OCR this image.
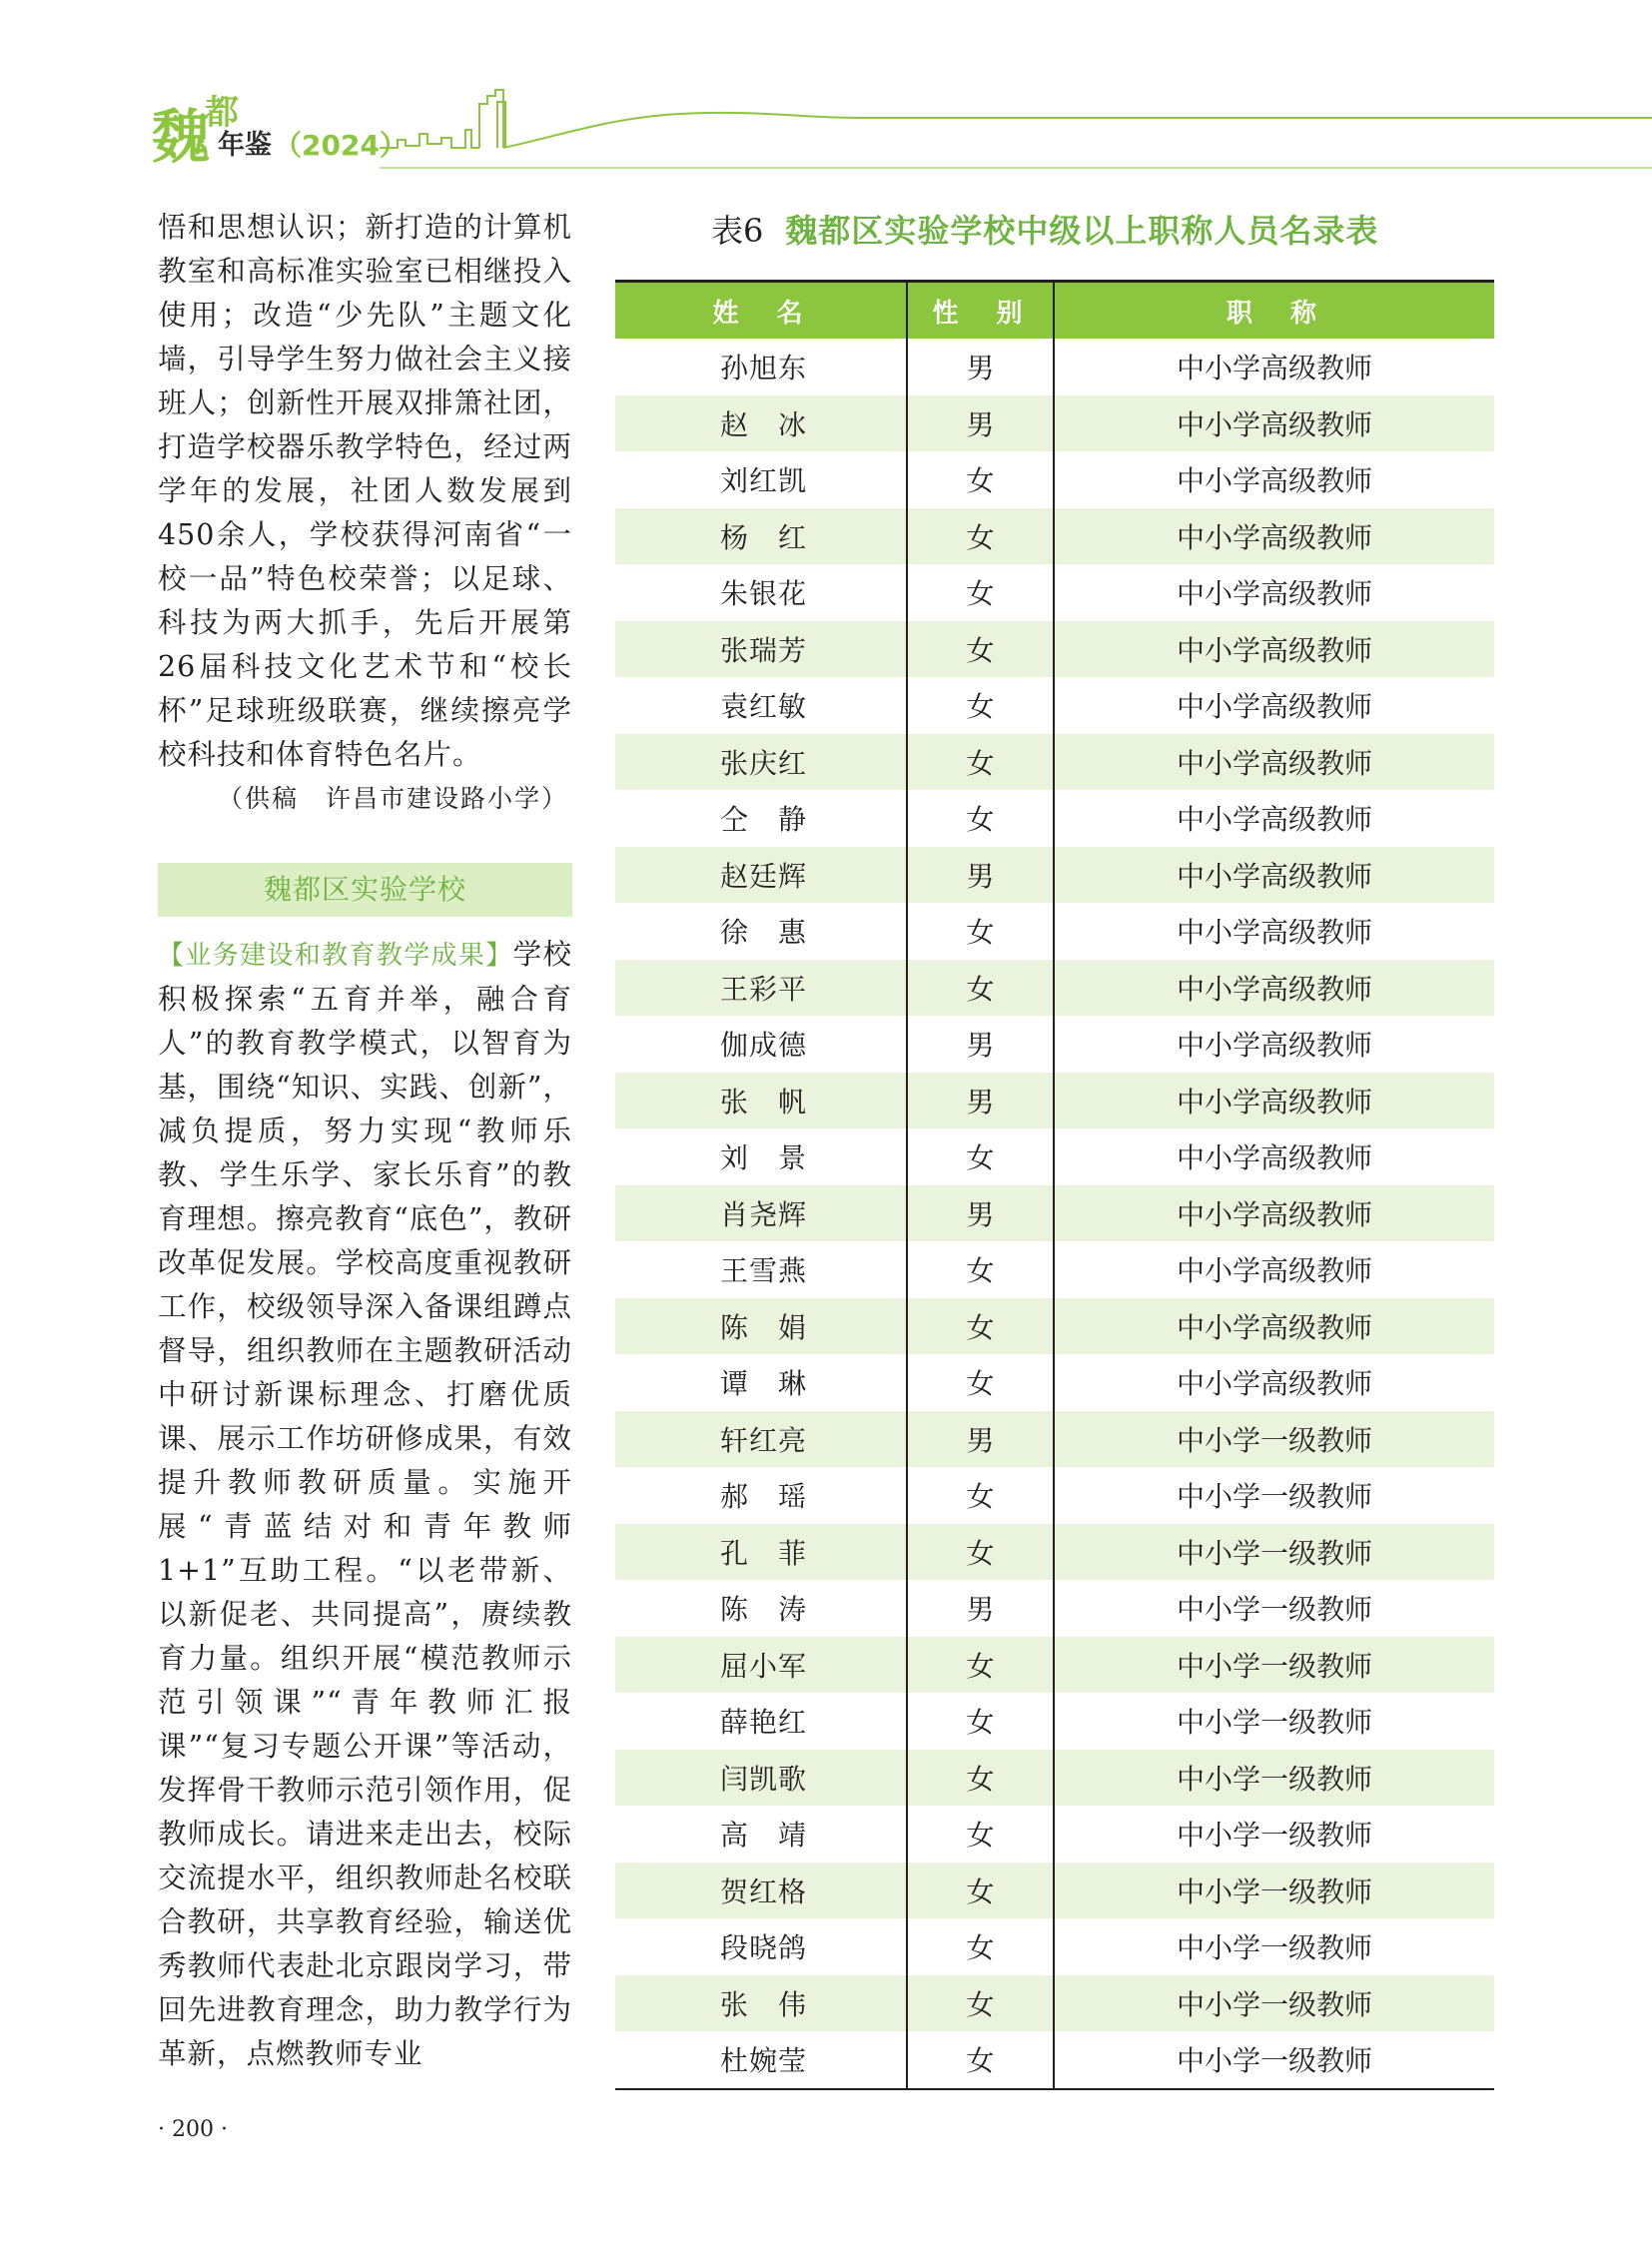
魏
都
年鉴 （2024）

悟和思想认识；新打造的计算机教室和高标准实验室已相继投入使用；改造“少先队”主题文化墙，引导学生努力做社会主义接班人；创新性开展双排箫社团，打造学校器乐教学特色，经过两学年的发展，社团人数发展到450余人，学校获得河南省“一校一品”特色校荣誉；以足球、科技为两大抓手，先后开展第26届科技文化艺术节和“校长杯”足球班级联赛，继续擦亮学校科技和体育特色名片。

（供稿　许昌市建设路小学）

魏都区实验学校

【业务建设和教育教学成果】学校积极探索“五育并举，融合育人”的教育教学模式，以智育为基，围绕“知识、实践、创新”，减负提质，努力实现“教师乐教、学生乐学、家长乐育”的教育理想。擦亮教育“底色”，教研改革促发展。学校高度重视教研工作，校级领导深入备课组蹲点督导，组织教师在主题教研活动中研讨新课标理念、打磨优质课、展示工作坊研修成果，有效提升教师教研质量。实施开展“青蓝结对和青年教师1+1”互助工程。“以老带新、以新促老、共同提高”，赓续教育力量。组织开展“模范教师示范引领课”“青年教师汇报课”“复习专题公开课”等活动，发挥骨干教师示范引领作用，促教师成长。请进来走出去，校际交流提水平，组织教师赴名校联合教研，共享教育经验，输送优秀教师代表赴北京跟岗学习，带回先进教育理念，助力教学行为革新，点燃教师专业

表6 魏都区实验学校中级以上职称人员名录表
姓　名	性　别	职　称
孙旭东	男	中小学高级教师
赵　冰	男	中小学高级教师
刘红凯	女	中小学高级教师
杨　红	女	中小学高级教师
朱银花	女	中小学高级教师
张瑞芳	女	中小学高级教师
袁红敏	女	中小学高级教师
张庆红	女	中小学高级教师
仝　静	女	中小学高级教师
赵廷辉	男	中小学高级教师
徐　惠	女	中小学高级教师
王彩平	女	中小学高级教师
伽成德	男	中小学高级教师
张　帆	男	中小学高级教师
刘　景	女	中小学高级教师
肖尧辉	男	中小学高级教师
王雪燕	女	中小学高级教师
陈　娟	女	中小学高级教师
谭　琳	女	中小学高级教师
轩红亮	男	中小学一级教师
郝　瑶	女	中小学一级教师
孔　菲	女	中小学一级教师
陈　涛	男	中小学一级教师
屈小军	女	中小学一级教师
薛艳红	女	中小学一级教师
闫凯歌	女	中小学一级教师
高　靖	女	中小学一级教师
贺红格	女	中小学一级教师
段晓鸽	女	中小学一级教师
张　伟	女	中小学一级教师
杜婉莹	女	中小学一级教师
· 200 ·
